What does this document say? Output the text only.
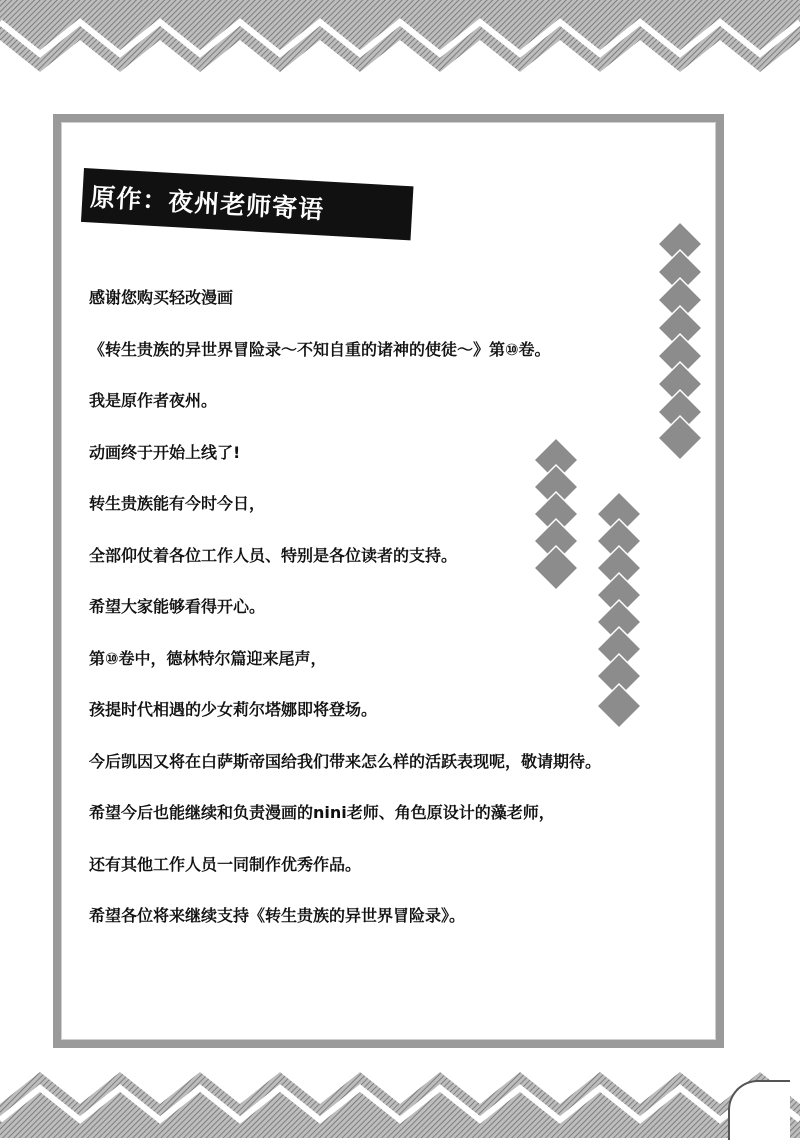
原作：夜州老师寄语

感谢您购买轻改漫画

《转生贵族的异世界冒险录～不知自重的诸神的使徒～》第⑩卷。

我是原作者夜州。

动画终于开始上线了!

转生贵族能有今时今日，

全部仰仗着各位工作人员、特别是各位读者的支持。

希望大家能够看得开心。

第⑩卷中，德林特尔篇迎来尾声，

孩提时代相遇的少女莉尔塔娜即将登场。

今后凯因又将在白萨斯帝国给我们带来怎么样的活跃表现呢，敬请期待。

希望今后也能继续和负责漫画的nini老师、角色原设计的藻老师，

还有其他工作人员一同制作优秀作品。

希望各位将来继续支持《转生贵族的异世界冒险录》。
